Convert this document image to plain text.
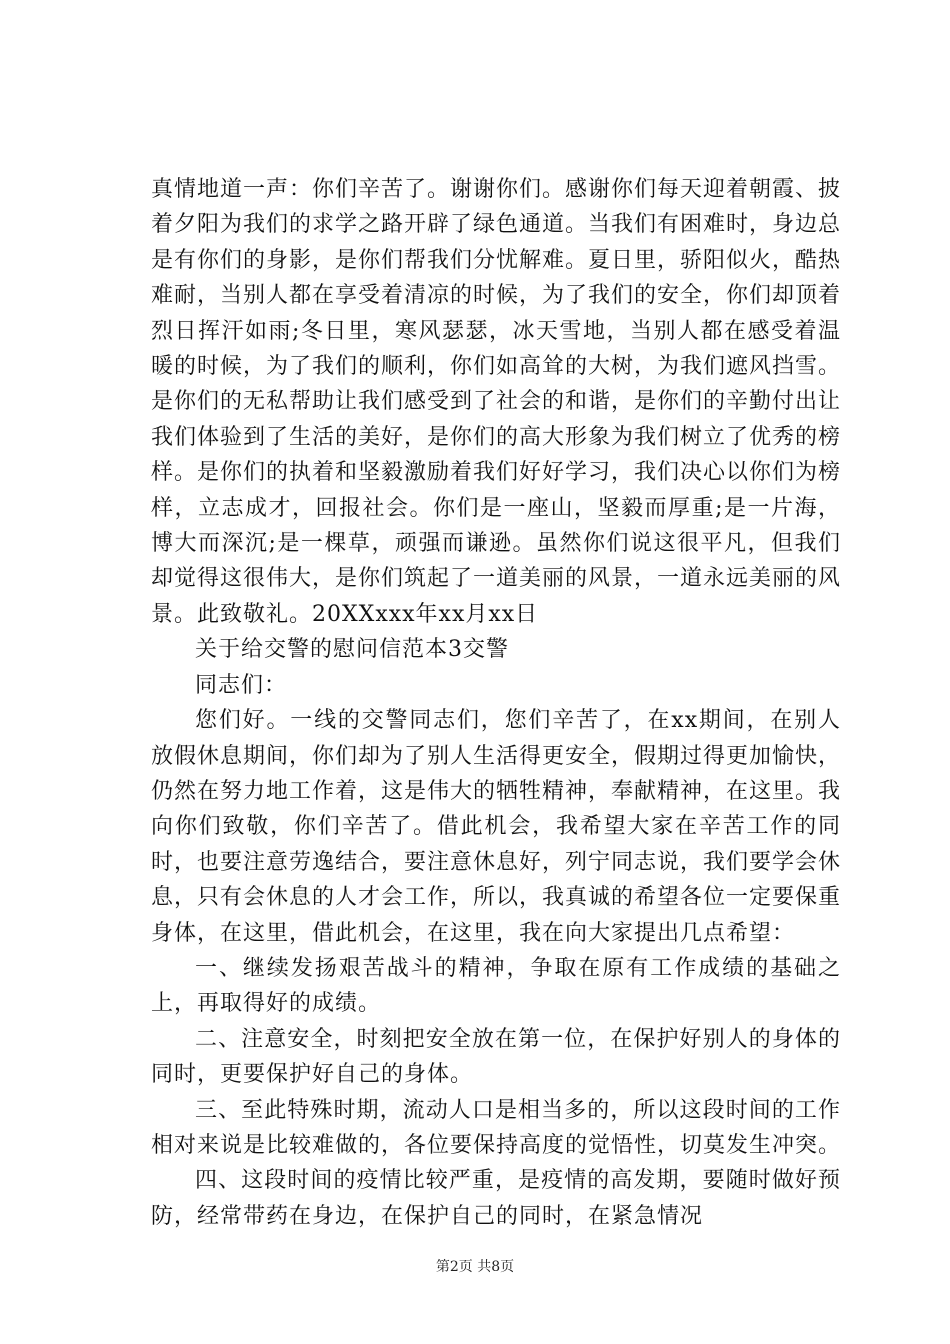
真情地道一声：你们辛苦了。谢谢你们。感谢你们每天迎着朝霞、披着夕阳为我们的求学之路开辟了绿色通道。当我们有困难时，身边总是有你们的身影，是你们帮我们分忧解难。夏日里，骄阳似火，酷热难耐，当别人都在享受着清凉的时候，为了我们的安全，你们却顶着烈日挥汗如雨;冬日里，寒风瑟瑟，冰天雪地，当别人都在感受着温暖的时候，为了我们的顺利，你们如高耸的大树，为我们遮风挡雪。是你们的无私帮助让我们感受到了社会的和谐，是你们的辛勤付出让我们体验到了生活的美好，是你们的高大形象为我们树立了优秀的榜样。是你们的执着和坚毅激励着我们好好学习，我们决心以你们为榜样，立志成才，回报社会。你们是一座山，坚毅而厚重;是一片海，博大而深沉;是一棵草，顽强而谦逊。虽然你们说这很平凡，但我们却觉得这很伟大，是你们筑起了一道美丽的风景，一道永远美丽的风景。此致敬礼。20XXxxx年xx月xx日

关于给交警的慰问信范本3交警

同志们：

您们好。一线的交警同志们，您们辛苦了，在xx期间，在别人放假休息期间，你们却为了别人生活得更安全，假期过得更加愉快，仍然在努力地工作着，这是伟大的牺牲精神，奉献精神，在这里。我向你们致敬，你们辛苦了。借此机会，我希望大家在辛苦工作的同时，也要注意劳逸结合，要注意休息好，列宁同志说，我们要学会休息，只有会休息的人才会工作，所以，我真诚的希望各位一定要保重身体，在这里，借此机会，在这里，我在向大家提出几点希望：

一、继续发扬艰苦战斗的精神，争取在原有工作成绩的基础之上，再取得好的成绩。

二、注意安全，时刻把安全放在第一位，在保护好别人的身体的同时，更要保护好自己的身体。

三、至此特殊时期，流动人口是相当多的，所以这段时间的工作相对来说是比较难做的，各位要保持高度的觉悟性，切莫发生冲突。

四、这段时间的疫情比较严重，是疫情的高发期，要随时做好预防，经常带药在身边，在保护自己的同时，在紧急情况

第2页 共8页
